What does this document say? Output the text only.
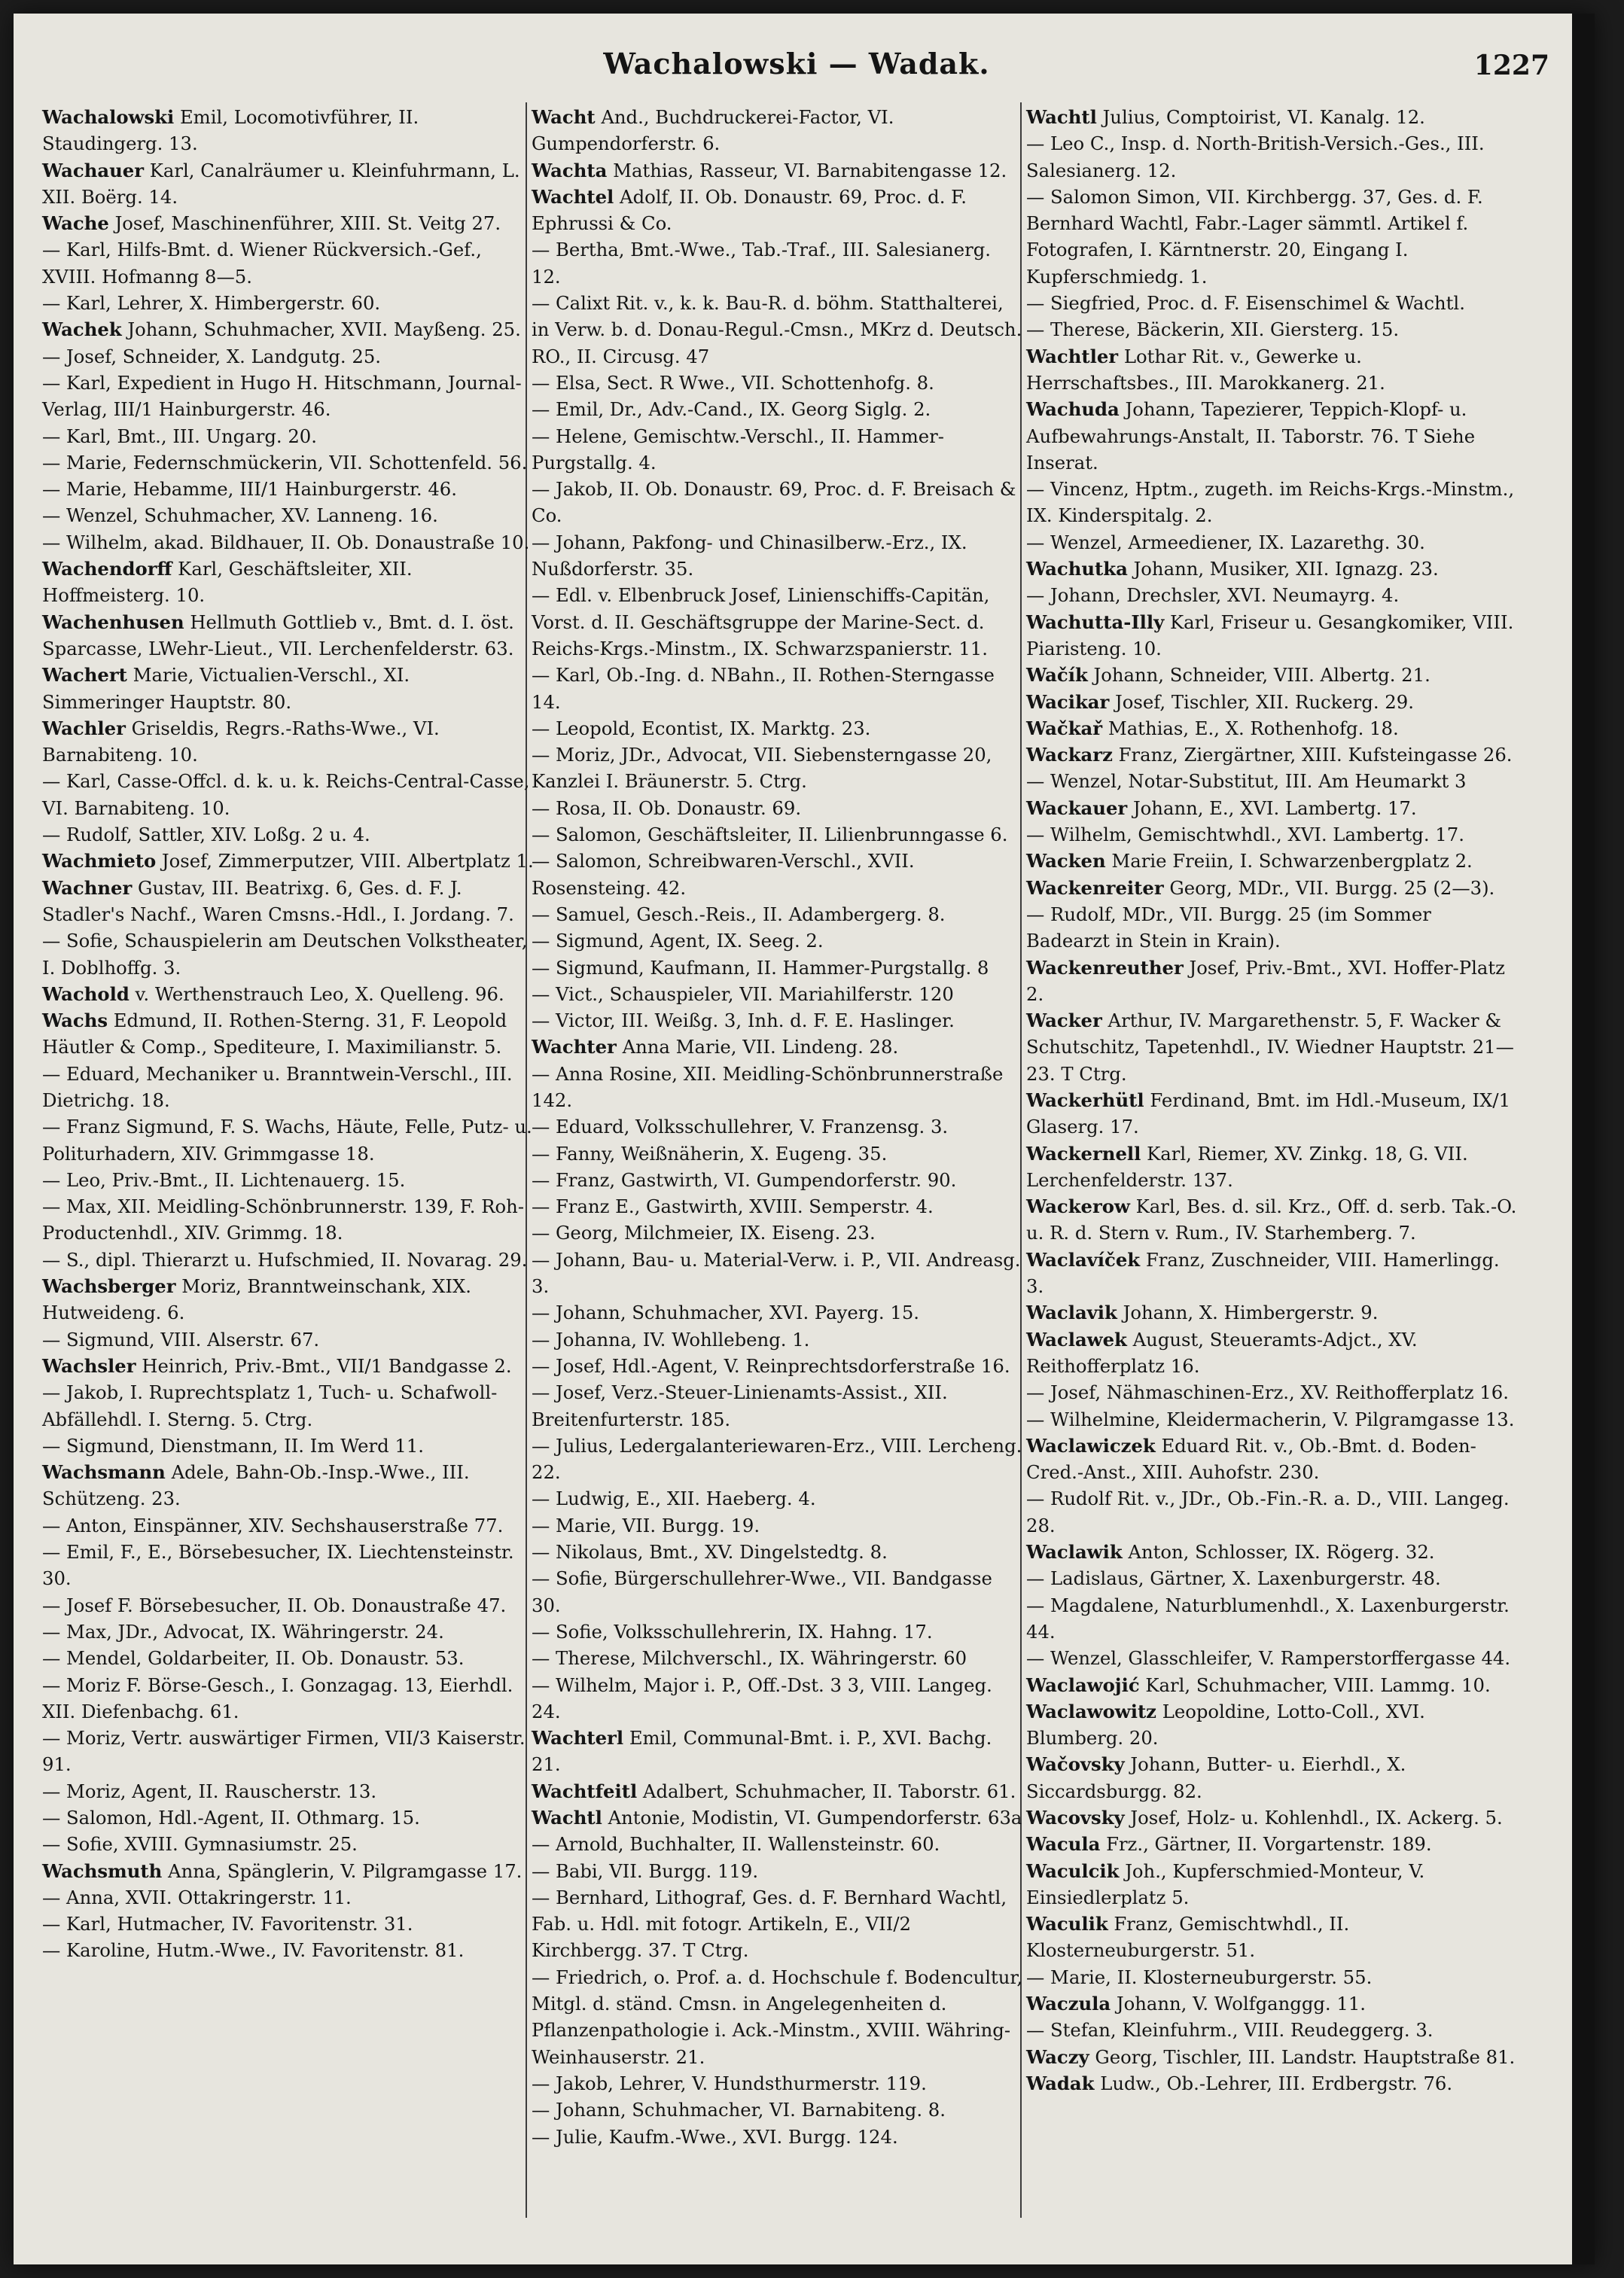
Wachalowski — Wadak.	1227
Wachalowski Emil, Locomotivführer, II. Staudingerg. 13.
Wachauer Karl, Canalräumer u. Kleinfuhrmann, L. XII. Boërg. 14.
Wache Josef, Maschinenführer, XIII. St. Veitg 27.
— Karl, Hilfs-Bmt. d. Wiener Rückversich.-Gef., XVIII. Hofmanng 8—5.
— Karl, Lehrer, X. Himbergerstr. 60.
Wachek Johann, Schuhmacher, XVII. Mayßeng. 25.
— Josef, Schneider, X. Landgutg. 25.
— Karl, Expedient in Hugo H. Hitschmann, Journal-Verlag, III/1 Hainburgerstr. 46.
— Karl, Bmt., III. Ungarg. 20.
— Marie, Federnschmückerin, VII. Schottenfeld. 56.
— Marie, Hebamme, III/1 Hainburgerstr. 46.
— Wenzel, Schuhmacher, XV. Lanneng. 16.
— Wilhelm, akad. Bildhauer, II. Ob. Donaustraße 10.
Wachendorff Karl, Geschäftsleiter, XII. Hoffmeisterg. 10.
Wachenhusen Hellmuth Gottlieb v., Bmt. d. I. öst. Sparcasse, LWehr-Lieut., VII. Lerchenfelderstr. 63.
Wachert Marie, Victualien-Verschl., XI. Simmeringer Hauptstr. 80.
Wachler Griseldis, Regrs.-Raths-Wwe., VI. Barnabiteng. 10.
— Karl, Casse-Offcl. d. k. u. k. Reichs-Central-Casse, VI. Barnabiteng. 10.
— Rudolf, Sattler, XIV. Loßg. 2 u. 4.
Wachmieto Josef, Zimmerputzer, VIII. Albertplatz 1.
Wachner Gustav, III. Beatrixg. 6, Ges. d. F. J. Stadler's Nachf., Waren Cmsns.-Hdl., I. Jordang. 7.
— Sofie, Schauspielerin am Deutschen Volkstheater, I. Doblhoffg. 3.
Wachold v. Werthenstrauch Leo, X. Quelleng. 96.
Wachs Edmund, II. Rothen-Sterng. 31, F. Leopold Häutler & Comp., Spediteure, I. Maximilianstr. 5.
— Eduard, Mechaniker u. Branntwein-Verschl., III. Dietrichg. 18.
— Franz Sigmund, F. S. Wachs, Häute, Felle, Putz- u. Politurhadern, XIV. Grimmgasse 18.
— Leo, Priv.-Bmt., II. Lichtenauerg. 15.
— Max, XII. Meidling-Schönbrunnerstr. 139, F. Roh-Productenhdl., XIV. Grimmg. 18.
— S., dipl. Thierarzt u. Hufschmied, II. Novarag. 29.
Wachsberger Moriz, Branntweinschank, XIX. Hutweideng. 6.
— Sigmund, VIII. Alserstr. 67.
Wachsler Heinrich, Priv.-Bmt., VII/1 Bandgasse 2.
— Jakob, I. Ruprechtsplatz 1, Tuch- u. Schafwoll-Abfällehdl. I. Sterng. 5. Ctrg.
— Sigmund, Dienstmann, II. Im Werd 11.
Wachsmann Adele, Bahn-Ob.-Insp.-Wwe., III. Schützeng. 23.
— Anton, Einspänner, XIV. Sechshauserstraße 77.
— Emil, F., E., Börsebesucher, IX. Liechtensteinstr. 30.
— Josef F. Börsebesucher, II. Ob. Donaustraße 47.
— Max, JDr., Advocat, IX. Währingerstr. 24.
— Mendel, Goldarbeiter, II. Ob. Donaustr. 53.
— Moriz F. Börse-Gesch., I. Gonzagag. 13, Eierhdl. XII. Diefenbachg. 61.
— Moriz, Vertr. auswärtiger Firmen, VII/3 Kaiserstr. 91.
— Moriz, Agent, II. Rauscherstr. 13.
— Salomon, Hdl.-Agent, II. Othmarg. 15.
— Sofie, XVIII. Gymnasiumstr. 25.
Wachsmuth Anna, Spänglerin, V. Pilgramgasse 17.
— Anna, XVII. Ottakringerstr. 11.
— Karl, Hutmacher, IV. Favoritenstr. 31.
— Karoline, Hutm.-Wwe., IV. Favoritenstr. 81.
Wacht And., Buchdruckerei-Factor, VI. Gumpendorferstr. 6.
Wachta Mathias, Rasseur, VI. Barnabitengasse 12.
Wachtel Adolf, II. Ob. Donaustr. 69, Proc. d. F. Ephrussi & Co.
— Bertha, Bmt.-Wwe., Tab.-Traf., III. Salesianerg. 12.
— Calixt Rit. v., k. k. Bau-R. d. böhm. Statthalterei, in Verw. b. d. Donau-Regul.-Cmsn., MKrz d. Deutsch. RO., II. Circusg. 47
— Elsa, Sect. R Wwe., VII. Schottenhofg. 8.
— Emil, Dr., Adv.-Cand., IX. Georg Siglg. 2.
— Helene, Gemischtw.-Verschl., II. Hammer-Purgstallg. 4.
— Jakob, II. Ob. Donaustr. 69, Proc. d. F. Breisach & Co.
— Johann, Pakfong- und Chinasilberw.-Erz., IX. Nußdorferstr. 35.
— Edl. v. Elbenbruck Josef, Linienschiffs-Capitän, Vorst. d. II. Geschäftsgruppe der Marine-Sect. d. Reichs-Krgs.-Minstm., IX. Schwarzspanierstr. 11.
— Karl, Ob.-Ing. d. NBahn., II. Rothen-Sterngasse 14.
— Leopold, Econtist, IX. Marktg. 23.
— Moriz, JDr., Advocat, VII. Siebensterngasse 20, Kanzlei I. Bräunerstr. 5. Ctrg.
— Rosa, II. Ob. Donaustr. 69.
— Salomon, Geschäftsleiter, II. Lilienbrunngasse 6.
— Salomon, Schreibwaren-Verschl., XVII. Rosensteing. 42.
— Samuel, Gesch.-Reis., II. Adambergerg. 8.
— Sigmund, Agent, IX. Seeg. 2.
— Sigmund, Kaufmann, II. Hammer-Purgstallg. 8
— Vict., Schauspieler, VII. Mariahilferstr. 120
— Victor, III. Weißg. 3, Inh. d. F. E. Haslinger.
Wachter Anna Marie, VII. Lindeng. 28.
— Anna Rosine, XII. Meidling-Schönbrunnerstraße 142.
— Eduard, Volksschullehrer, V. Franzensg. 3.
— Fanny, Weißnäherin, X. Eugeng. 35.
— Franz, Gastwirth, VI. Gumpendorferstr. 90.
— Franz E., Gastwirth, XVIII. Semperstr. 4.
— Georg, Milchmeier, IX. Eiseng. 23.
— Johann, Bau- u. Material-Verw. i. P., VII. Andreasg. 3.
— Johann, Schuhmacher, XVI. Payerg. 15.
— Johanna, IV. Wohllebeng. 1.
— Josef, Hdl.-Agent, V. Reinprechtsdorferstraße 16.
— Josef, Verz.-Steuer-Linienamts-Assist., XII. Breitenfurterstr. 185.
— Julius, Ledergalanteriewaren-Erz., VIII. Lercheng. 22.
— Ludwig, E., XII. Haeberg. 4.
— Marie, VII. Burgg. 19.
— Nikolaus, Bmt., XV. Dingelstedtg. 8.
— Sofie, Bürgerschullehrer-Wwe., VII. Bandgasse 30.
— Sofie, Volksschullehrerin, IX. Hahng. 17.
— Therese, Milchverschl., IX. Währingerstr. 60
— Wilhelm, Major i. P., Off.-Dst. 3 3, VIII. Langeg. 24.
Wachterl Emil, Communal-Bmt. i. P., XVI. Bachg. 21.
Wachtfeitl Adalbert, Schuhmacher, II. Taborstr. 61.
Wachtl Antonie, Modistin, VI. Gumpendorferstr. 63a
— Arnold, Buchhalter, II. Wallensteinstr. 60.
— Babi, VII. Burgg. 119.
— Bernhard, Lithograf, Ges. d. F. Bernhard Wachtl, Fab. u. Hdl. mit fotogr. Artikeln, E., VII/2 Kirchbergg. 37. T Ctrg.
— Friedrich, o. Prof. a. d. Hochschule f. Bodencultur, Mitgl. d. ständ. Cmsn. in Angelegenheiten d. Pflanzenpathologie i. Ack.-Minstm., XVIII. Währing-Weinhauserstr. 21.
— Jakob, Lehrer, V. Hundsthurmerstr. 119.
— Johann, Schuhmacher, VI. Barnabiteng. 8.
— Julie, Kaufm.-Wwe., XVI. Burgg. 124.
Wachtl Julius, Comptoirist, VI. Kanalg. 12.
— Leo C., Insp. d. North-British-Versich.-Ges., III. Salesianerg. 12.
— Salomon Simon, VII. Kirchbergg. 37, Ges. d. F. Bernhard Wachtl, Fabr.-Lager sämmtl. Artikel f. Fotografen, I. Kärntnerstr. 20, Eingang I. Kupferschmiedg. 1.
— Siegfried, Proc. d. F. Eisenschimel & Wachtl.
— Therese, Bäckerin, XII. Giersterg. 15.
Wachtler Lothar Rit. v., Gewerke u. Herrschaftsbes., III. Marokkanerg. 21.
Wachuda Johann, Tapezierer, Teppich-Klopf- u. Aufbewahrungs-Anstalt, II. Taborstr. 76. T Siehe Inserat.
— Vincenz, Hptm., zugeth. im Reichs-Krgs.-Minstm., IX. Kinderspitalg. 2.
— Wenzel, Armeediener, IX. Lazarethg. 30.
Wachutka Johann, Musiker, XII. Ignazg. 23.
— Johann, Drechsler, XVI. Neumayrg. 4.
Wachutta-Illy Karl, Friseur u. Gesangkomiker, VIII. Piaristeng. 10.
Wačík Johann, Schneider, VIII. Albertg. 21.
Wacikar Josef, Tischler, XII. Ruckerg. 29.
Wačkař Mathias, E., X. Rothenhofg. 18.
Wackarz Franz, Ziergärtner, XIII. Kufsteingasse 26.
— Wenzel, Notar-Substitut, III. Am Heumarkt 3
Wackauer Johann, E., XVI. Lambertg. 17.
— Wilhelm, Gemischtwhdl., XVI. Lambertg. 17.
Wacken Marie Freiin, I. Schwarzenbergplatz 2.
Wackenreiter Georg, MDr., VII. Burgg. 25 (2—3).
— Rudolf, MDr., VII. Burgg. 25 (im Sommer Badearzt in Stein in Krain).
Wackenreuther Josef, Priv.-Bmt., XVI. Hoffer-Platz 2.
Wacker Arthur, IV. Margarethenstr. 5, F. Wacker & Schutschitz, Tapetenhdl., IV. Wiedner Hauptstr. 21—23. T Ctrg.
Wackerhütl Ferdinand, Bmt. im Hdl.-Museum, IX/1 Glaserg. 17.
Wackernell Karl, Riemer, XV. Zinkg. 18, G. VII. Lerchenfelderstr. 137.
Wackerow Karl, Bes. d. sil. Krz., Off. d. serb. Tak.-O. u. R. d. Stern v. Rum., IV. Starhemberg. 7.
Waclavíček Franz, Zuschneider, VIII. Hamerlingg. 3.
Waclavik Johann, X. Himbergerstr. 9.
Waclawek August, Steueramts-Adjct., XV. Reithofferplatz 16.
— Josef, Nähmaschinen-Erz., XV. Reithofferplatz 16.
— Wilhelmine, Kleidermacherin, V. Pilgramgasse 13.
Waclawiczek Eduard Rit. v., Ob.-Bmt. d. Boden-Cred.-Anst., XIII. Auhofstr. 230.
— Rudolf Rit. v., JDr., Ob.-Fin.-R. a. D., VIII. Langeg. 28.
Waclawik Anton, Schlosser, IX. Rögerg. 32.
— Ladislaus, Gärtner, X. Laxenburgerstr. 48.
— Magdalene, Naturblumenhdl., X. Laxenburgerstr. 44.
— Wenzel, Glasschleifer, V. Ramperstorffergasse 44.
Waclawojić Karl, Schuhmacher, VIII. Lammg. 10.
Waclawowitz Leopoldine, Lotto-Coll., XVI. Blumberg. 20.
Wačovsky Johann, Butter- u. Eierhdl., X. Siccardsburgg. 82.
Wacovsky Josef, Holz- u. Kohlenhdl., IX. Ackerg. 5.
Wacula Frz., Gärtner, II. Vorgartenstr. 189.
Waculcik Joh., Kupferschmied-Monteur, V. Einsiedlerplatz 5.
Waculik Franz, Gemischtwhdl., II. Klosterneuburgerstr. 51.
— Marie, II. Klosterneuburgerstr. 55.
Waczula Johann, V. Wolfganggg. 11.
— Stefan, Kleinfuhrm., VIII. Reudeggerg. 3.
Waczy Georg, Tischler, III. Landstr. Hauptstraße 81.
Wadak Ludw., Ob.-Lehrer, III. Erdbergstr. 76.
